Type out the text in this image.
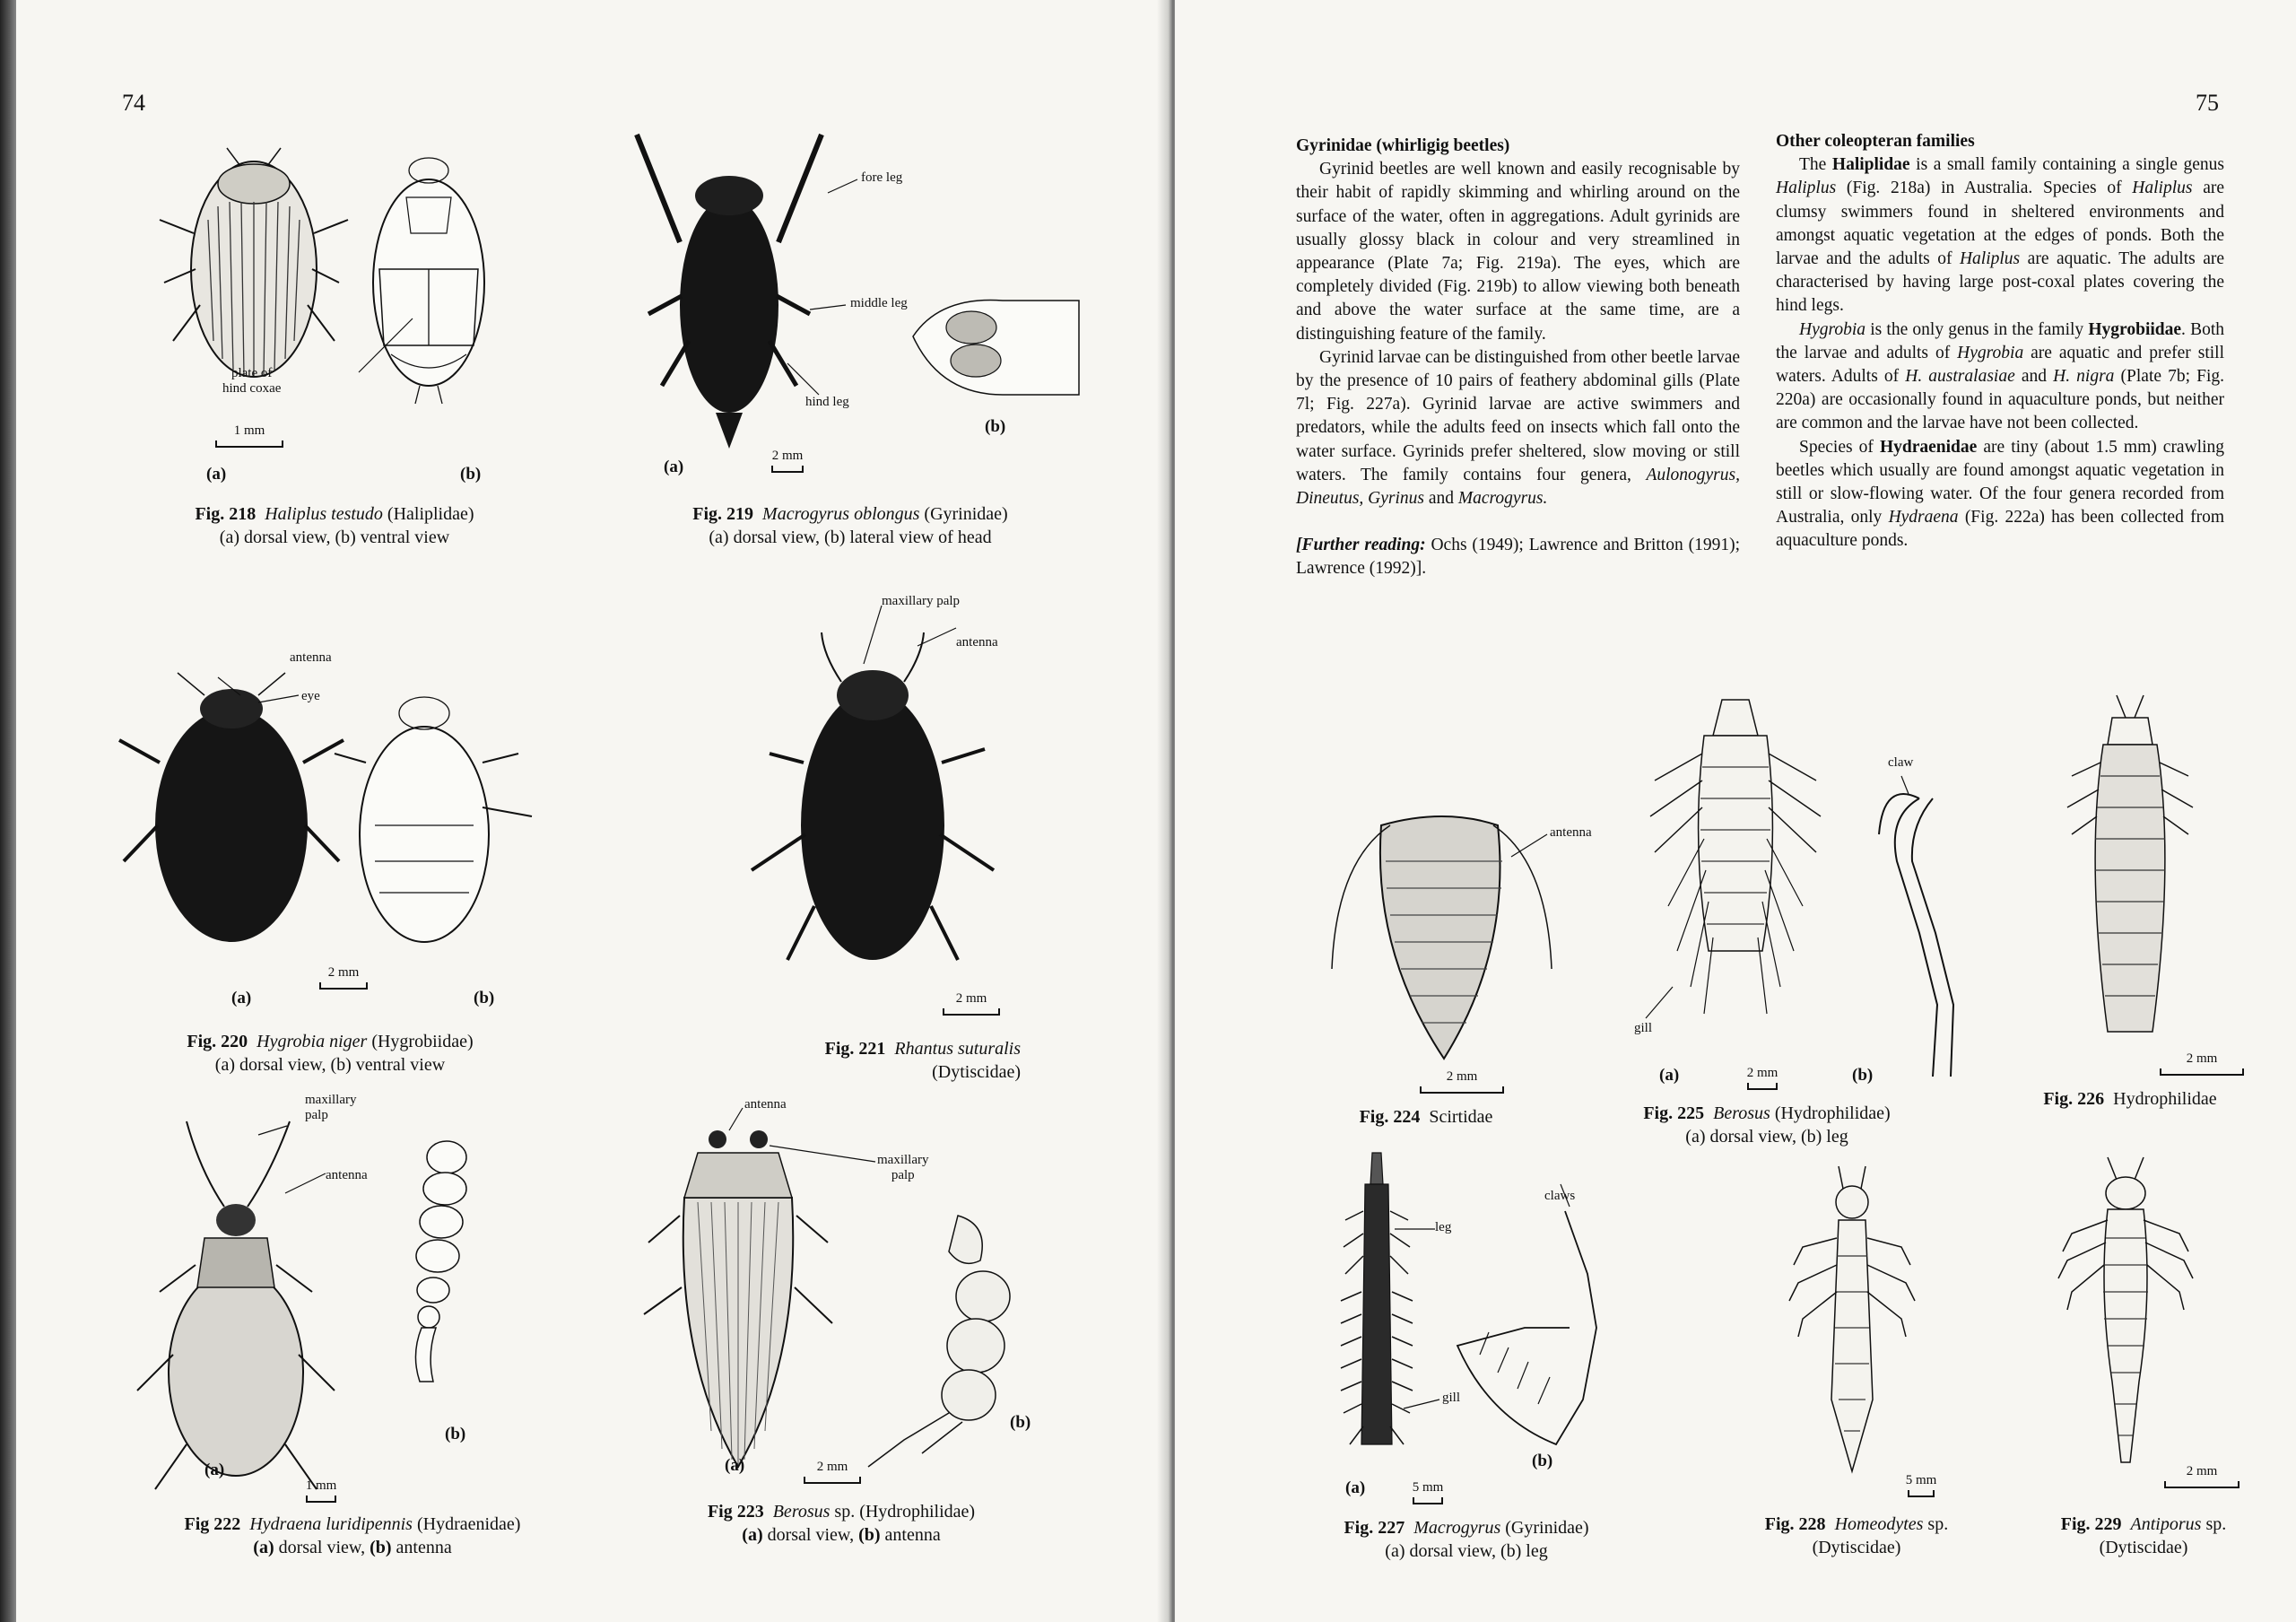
74
plate of
hind coxae
1 mm
(a)	(b)
Fig. 218 Haliplus testudo (Haliplidae)
(a) dorsal view, (b) ventral view
fore leg
middle leg
hind leg
2 mm
(a)
(b)
Fig. 219 Macrogyrus oblongus (Gyrinidae)
(a) dorsal view, (b) lateral view of head
antenna
eye
2 mm
(a)	(b)
Fig. 220 Hygrobia niger (Hygrobiidae)
(a) dorsal view, (b) ventral view
maxillary palp
antenna
2 mm
Fig. 221 Rhantus suturalis
(Dytiscidae)
maxillary
palp
antenna
1 mm
(a)
(b)
Fig 222 Hydraena luridipennis (Hydraenidae)
(a) dorsal view, (b) antenna
antenna
maxillary
palp
2 mm
(a)
(b)
Fig 223 Berosus sp. (Hydrophilidae)
(a) dorsal view, (b) antenna
75
Gyrinidae (whirligig beetles)

Gyrinid beetles are well known and easily recognisable by their habit of rapidly skimming and whirling around on the surface of the water, often in aggregations. Adult gyrinids are usually glossy black in colour and very streamlined in appearance (Plate 7a; Fig. 219a). The eyes, which are completely divided (Fig. 219b) to allow viewing both beneath and above the water surface at the same time, are a distinguishing feature of the family.

Gyrinid larvae can be distinguished from other beetle larvae by the presence of 10 pairs of feathery abdominal gills (Plate 7l; Fig. 227a). Gyrinid larvae are active swimmers and predators, while the adults feed on insects which fall onto the water surface. Gyrinids prefer sheltered, slow moving or still waters. The family contains four genera, Aulonogyrus, Dineutus, Gyrinus and Macrogyrus.

[Further reading: Ochs (1949); Lawrence and Britton (1991); Lawrence (1992)].

Other coleopteran families

The Haliplidae is a small family containing a single genus Haliplus (Fig. 218a) in Australia. Species of Haliplus are clumsy swimmers found in sheltered environments and amongst aquatic vegetation at the edges of ponds. Both the larvae and the adults of Haliplus are aquatic. The adults are characterised by having large post-coxal plates covering the hind legs.

Hygrobia is the only genus in the family Hygrobiidae. Both the larvae and adults of Hygrobia are aquatic and prefer still waters. Adults of H. australasiae and H. nigra (Plate 7b; Fig. 220a) are occasionally found in aquaculture ponds, but neither are common and the larvae have not been collected.

Species of Hydraenidae are tiny (about 1.5 mm) crawling beetles which usually are found amongst aquatic vegetation in still or slow-flowing water. Of the four genera recorded from Australia, only Hydraena (Fig. 222a) has been collected from aquaculture ponds.

antenna
2 mm
Fig. 224 Scirtidae
claw
gill
2 mm
(a)	(b)
Fig. 225 Berosus (Hydrophilidae)
(a) dorsal view, (b) leg
2 mm
Fig. 226 Hydrophilidae
leg
gill
claws
5 mm
(a)
(b)
Fig. 227 Macrogyrus (Gyrinidae)
(a) dorsal view, (b) leg
5 mm
Fig. 228 Homeodytes sp.
(Dytiscidae)
2 mm
Fig. 229 Antiporus sp.
(Dytiscidae)
